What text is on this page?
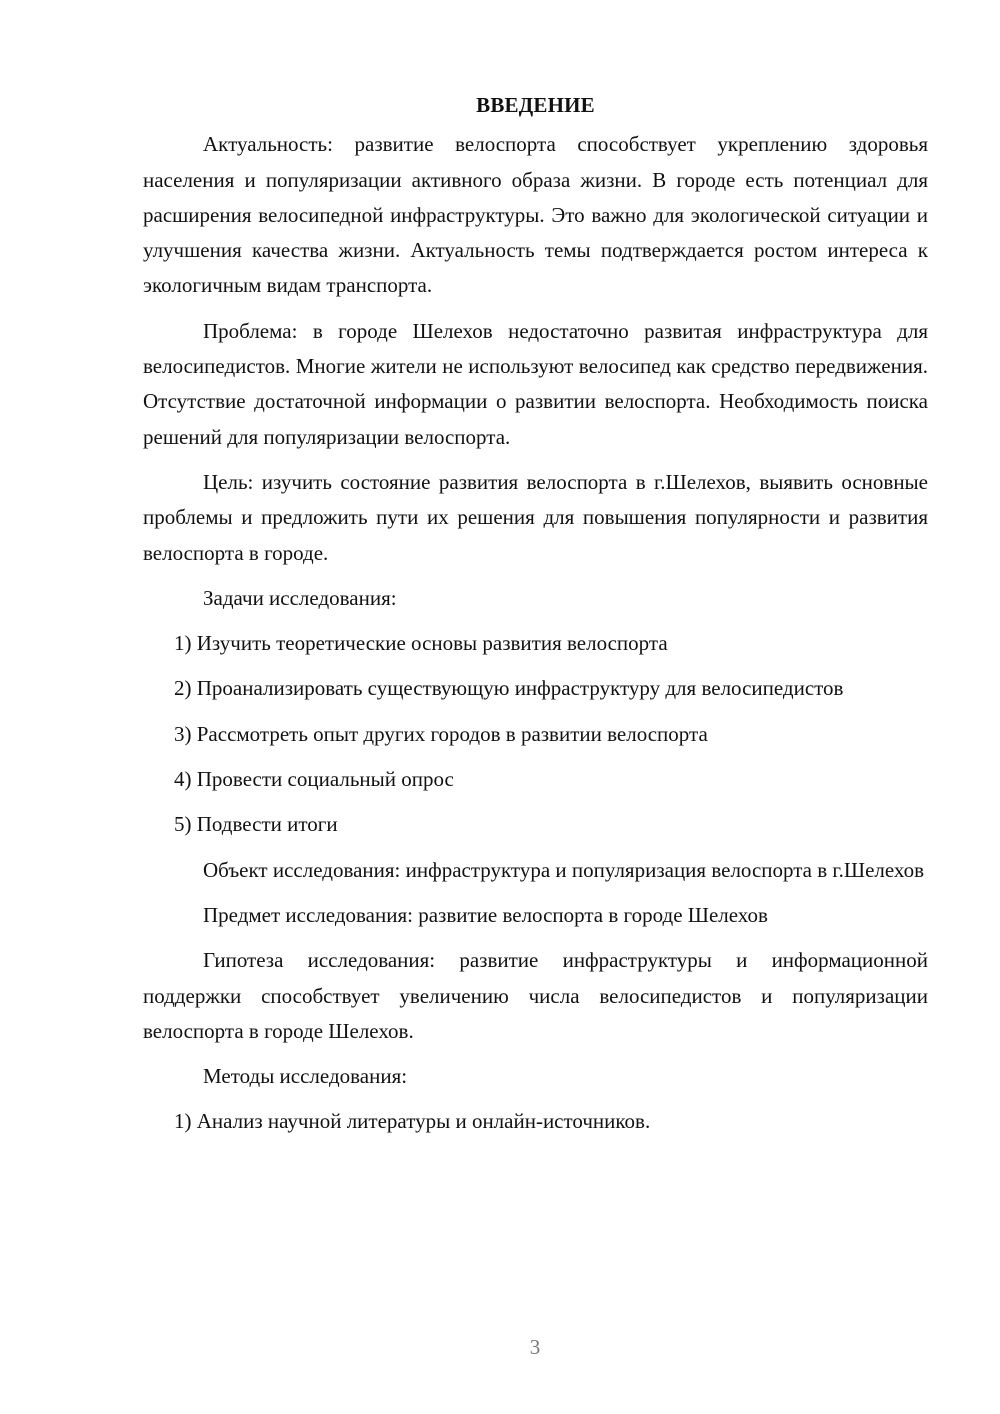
ВВЕДЕНИЕ

Актуальность: развитие велоспорта способствует укреплению здоровья населения и популяризации активного образа жизни. В городе есть потенциал для расширения велосипедной инфраструктуры. Это важно для экологической ситуации и улучшения качества жизни. Актуальность темы подтверждается ростом интереса к экологичным видам транспорта.

Проблема: в городе Шелехов недостаточно развитая инфраструктура для велосипедистов. Многие жители не используют велосипед как средство передвижения. Отсутствие достаточной информации о развитии велоспорта. Необходимость поиска решений для популяризации велоспорта.

Цель: изучить состояние развития велоспорта в г.Шелехов, выявить основные проблемы и предложить пути их решения для повышения популярности и развития велоспорта в городе.

Задачи исследования:

1) Изучить теоретические основы развития велоспорта

2) Проанализировать существующую инфраструктуру для велосипедистов

3) Рассмотреть опыт других городов в развитии велоспорта

4) Провести социальный опрос

5) Подвести итоги

Объект исследования: инфраструктура и популяризация велоспорта в г.Шелехов

Предмет исследования: развитие велоспорта в городе Шелехов

Гипотеза исследования: развитие инфраструктуры и информационной поддержки способствует увеличению числа велосипедистов и популяризации велоспорта в городе Шелехов.

Методы исследования:

1) Анализ научной литературы и онлайн-источников.

3
